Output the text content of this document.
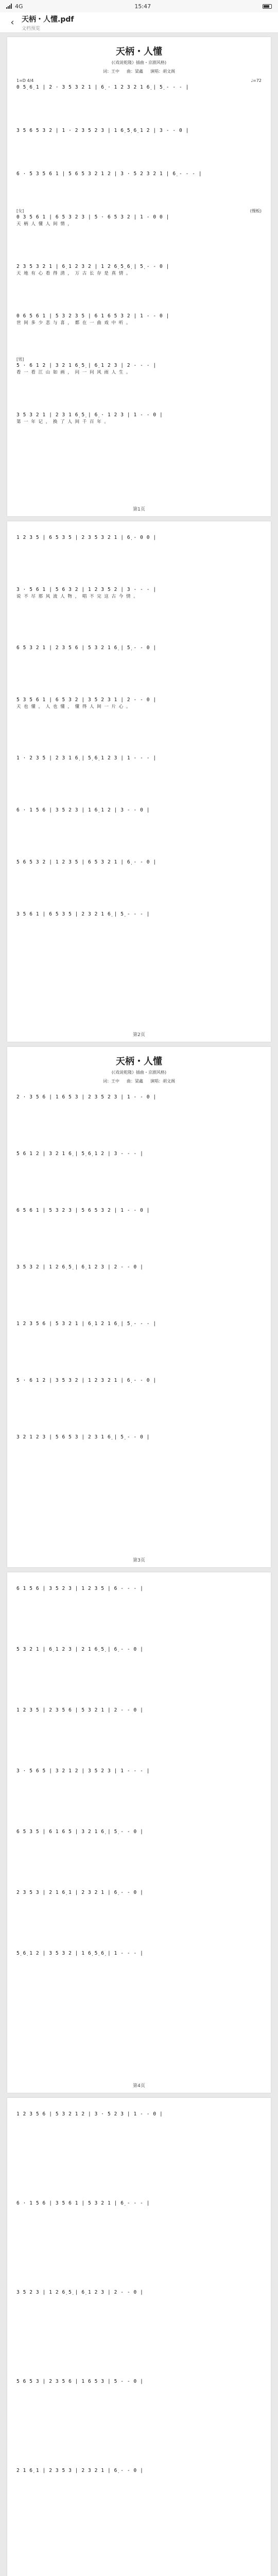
4G	15:47
‹ 天柄・人懂.pdf
文档预览
天柄・人懂
(《戏说乾隆》插曲・京剧风格)
词：王中 曲：梁鑫 演唱：胡文阁
1=D 4/4	♩=72
0 5̣ 6̣ 1 | 2 · 3 5 3 2 1 | 6̣ · 1 2 3 2 1 6̣ | 5̣ - - - |
3 5 6 5 3 2 | 1 · 2 3 5 2 3 | 1 6̣ 5̣ 6̣ 1 2 | 3 - - 0 |
6 · 5 3 5 6 1 | 5 6 5 3 2 1 2 | 3 · 5 2 3 2 1 | 6̣ - - - |
[女]	(慢板)
0 3 5 6 1 | 6 5 3 2 3 | 5 · 6 5 3 2 | 1 - 0 0 |
天 柄 人 懂 人 间 情 ，
2 3 5 3 2 1 | 6̣ 1 2 3 2 | 1 2 6̣ 5̣ 6̣ | 5̣ - - 0 |
天 地 有 心 看 得 清 ， 万 古 长 存 是 真 情 。
0 6 5 6 1 | 5 3 2 3 5 | 6 1 6 5 3 2 | 1 - - 0 |
世 间 多 少 悲 与 喜 ， 都 在 一 曲 戏 中 听 。
[男]
5 · 6 1 2 | 3 2 1 6̣ 5̣ | 6̣ 1 2 3 | 2 - - - |
看 一 看 江 山 如 画 ， 问 一 问 风 雨 人 生 。
3 5 3 2 1 | 2 3 1 6̣ 5̣ | 6̣ · 1 2 3 | 1 - - 0 |
第 一 年 记 ， 换 了 人 间 千 百 年 。
第1页
1 2 3 5 | 6 5 3 5 | 2 3 5 3 2 1 | 6̣ - 0 0 |
3 · 5 6 1 | 5 6 3 2 | 1 2 3 5 2 | 3 - - - |
说 不 尽 那 风 流 人 物 ， 唱 不 完 这 古 今 情 。
6 5 3 2 1 | 2 3 5 6 | 5 3 2 1 6̣ | 5̣ - - 0 |
5 3 5 6 1 | 6 5 3 2 | 3 5 2 3 1 | 2 - - 0 |
天 也 懂 ， 人 也 懂 ， 懂 得 人 间 一 片 心 。
1 · 2 3 5 | 2 3 1 6̣ | 5̣ 6̣ 1 2 3 | 1 - - - |
6 · 1 5 6 | 3 5 2 3 | 1 6̣ 1 2 | 3 - - 0 |
5 6 5 3 2 | 1 2 3 5 | 6 5 3 2 1 | 6̣ - - 0 |
3 5 6 1 | 6 5 3 5 | 2 3 2 1 6̣ | 5̣ - - - |
第2页
天柄・人懂
(《戏说乾隆》插曲・京剧风格)
词：王中 曲：梁鑫 演唱：胡文阁
2 · 3 5 6 | 1 6 5 3 | 2 3 5 2 3 | 1 - - 0 |
5 6 1 2 | 3 2 1 6̣ | 5̣ 6̣ 1 2 | 3 - - - |
6 5 6 1 | 5 3 2 3 | 5 6 5 3 2 | 1 - - 0 |
3 5 3 2 | 1 2 6̣ 5̣ | 6̣ 1 2 3 | 2 - - 0 |
1 2 3 5 6 | 5 3 2 1 | 6̣ 1 2 1 6̣ | 5̣ - - - |
5 · 6 1 2 | 3 5 3 2 | 1 2 3 2 1 | 6̣ - - 0 |
3 2 1 2 3 | 5 6 5 3 | 2 3 1 6̣ | 5̣ - - 0 |
第3页
6 1 5 6 | 3 5 2 3 | 1 2 3 5 | 6 - - - |
5 3 2 1 | 6̣ 1 2 3 | 2 1 6̣ 5̣ | 6̣ - - 0 |
1 2 3 5 | 2 3 5 6 | 5 3 2 1 | 2 - - 0 |
3 · 5 6 5 | 3 2 1 2 | 3 5 2 3 | 1 - - - |
6 5 3 5 | 6 1 6 5 | 3 2 1 6̣ | 5̣ - - 0 |
2 3 5 3 | 2 1 6̣ 1 | 2 3 2 1 | 6̣ - - 0 |
5̣ 6̣ 1 2 | 3 5 3 2 | 1 6̣ 5̣ 6̣ | 1 - - - |
第4页
1 2 3 5 6 | 5 3 2 1 2 | 3 · 5 2 3 | 1 - - 0 |
6 · 1 5 6 | 3 5 6 1 | 5 3 2 1 | 6̣ - - - |
3 5 2 3 | 1 2 6̣ 5̣ | 6̣ 1 2 3 | 2 - - 0 |
5 6 5 3 | 2 3 5 6 | 1 6 5 3 | 5 - - 0 |
2 1 6̣ 1 | 2 3 5 3 | 2 3 2 1 | 6̣ - - 0 |
